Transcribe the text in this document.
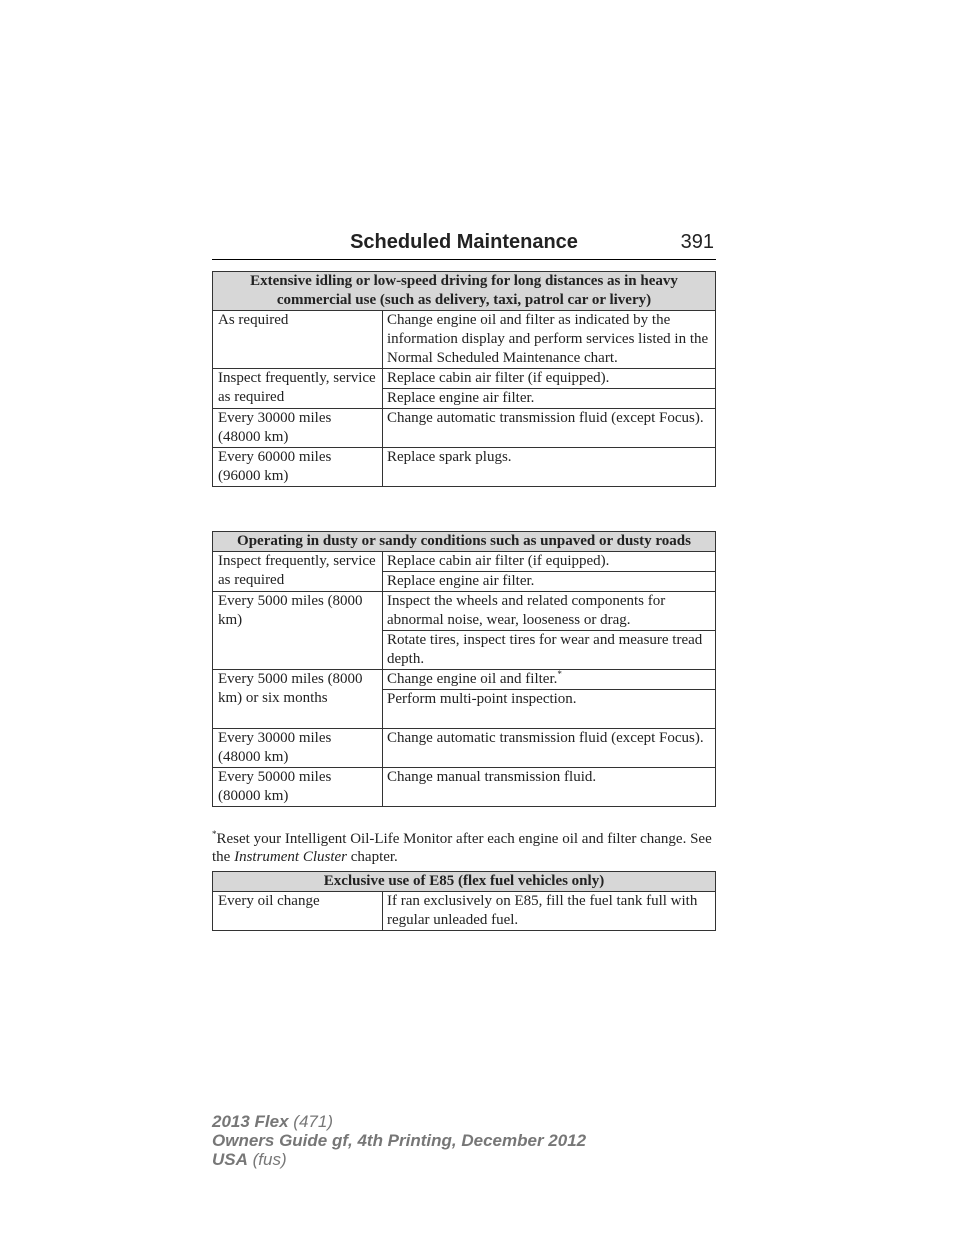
Scheduled Maintenance	391
Extensive idling or low-speed driving for long distances as in heavy commercial use (such as delivery, taxi, patrol car or livery)	
As required	Change engine oil and filter as indicated by the information display and perform services listed in the Normal Scheduled Maintenance chart.
Inspect frequently, service as required	Replace cabin air filter (if equipped).
	Replace engine air filter.
Every 30000 miles (48000 km)	Change automatic transmission fluid (except Focus).
Every 60000 miles (96000 km)	Replace spark plugs.
Operating in dusty or sandy conditions such as unpaved or dusty roads	
Inspect frequently, service as required	Replace cabin air filter (if equipped).
	Replace engine air filter.
Every 5000 miles (8000 km)	Inspect the wheels and related components for abnormal noise, wear, looseness or drag.
	Rotate tires, inspect tires for wear and measure tread depth.
Every 5000 miles (8000 km) or six months	Change engine oil and filter.*
	Perform multi-point inspection.
Every 30000 miles (48000 km)	Change automatic transmission fluid (except Focus).
Every 50000 miles (80000 km)	Change manual transmission fluid.
*Reset your Intelligent Oil-Life Monitor after each engine oil and filter change. See the Instrument Cluster chapter.
Exclusive use of E85 (flex fuel vehicles only)
Every oil change	If ran exclusively on E85, fill the fuel tank full with regular unleaded fuel.
2013 Flex (471)
Owners Guide gf, 4th Printing, December 2012
USA (fus)
